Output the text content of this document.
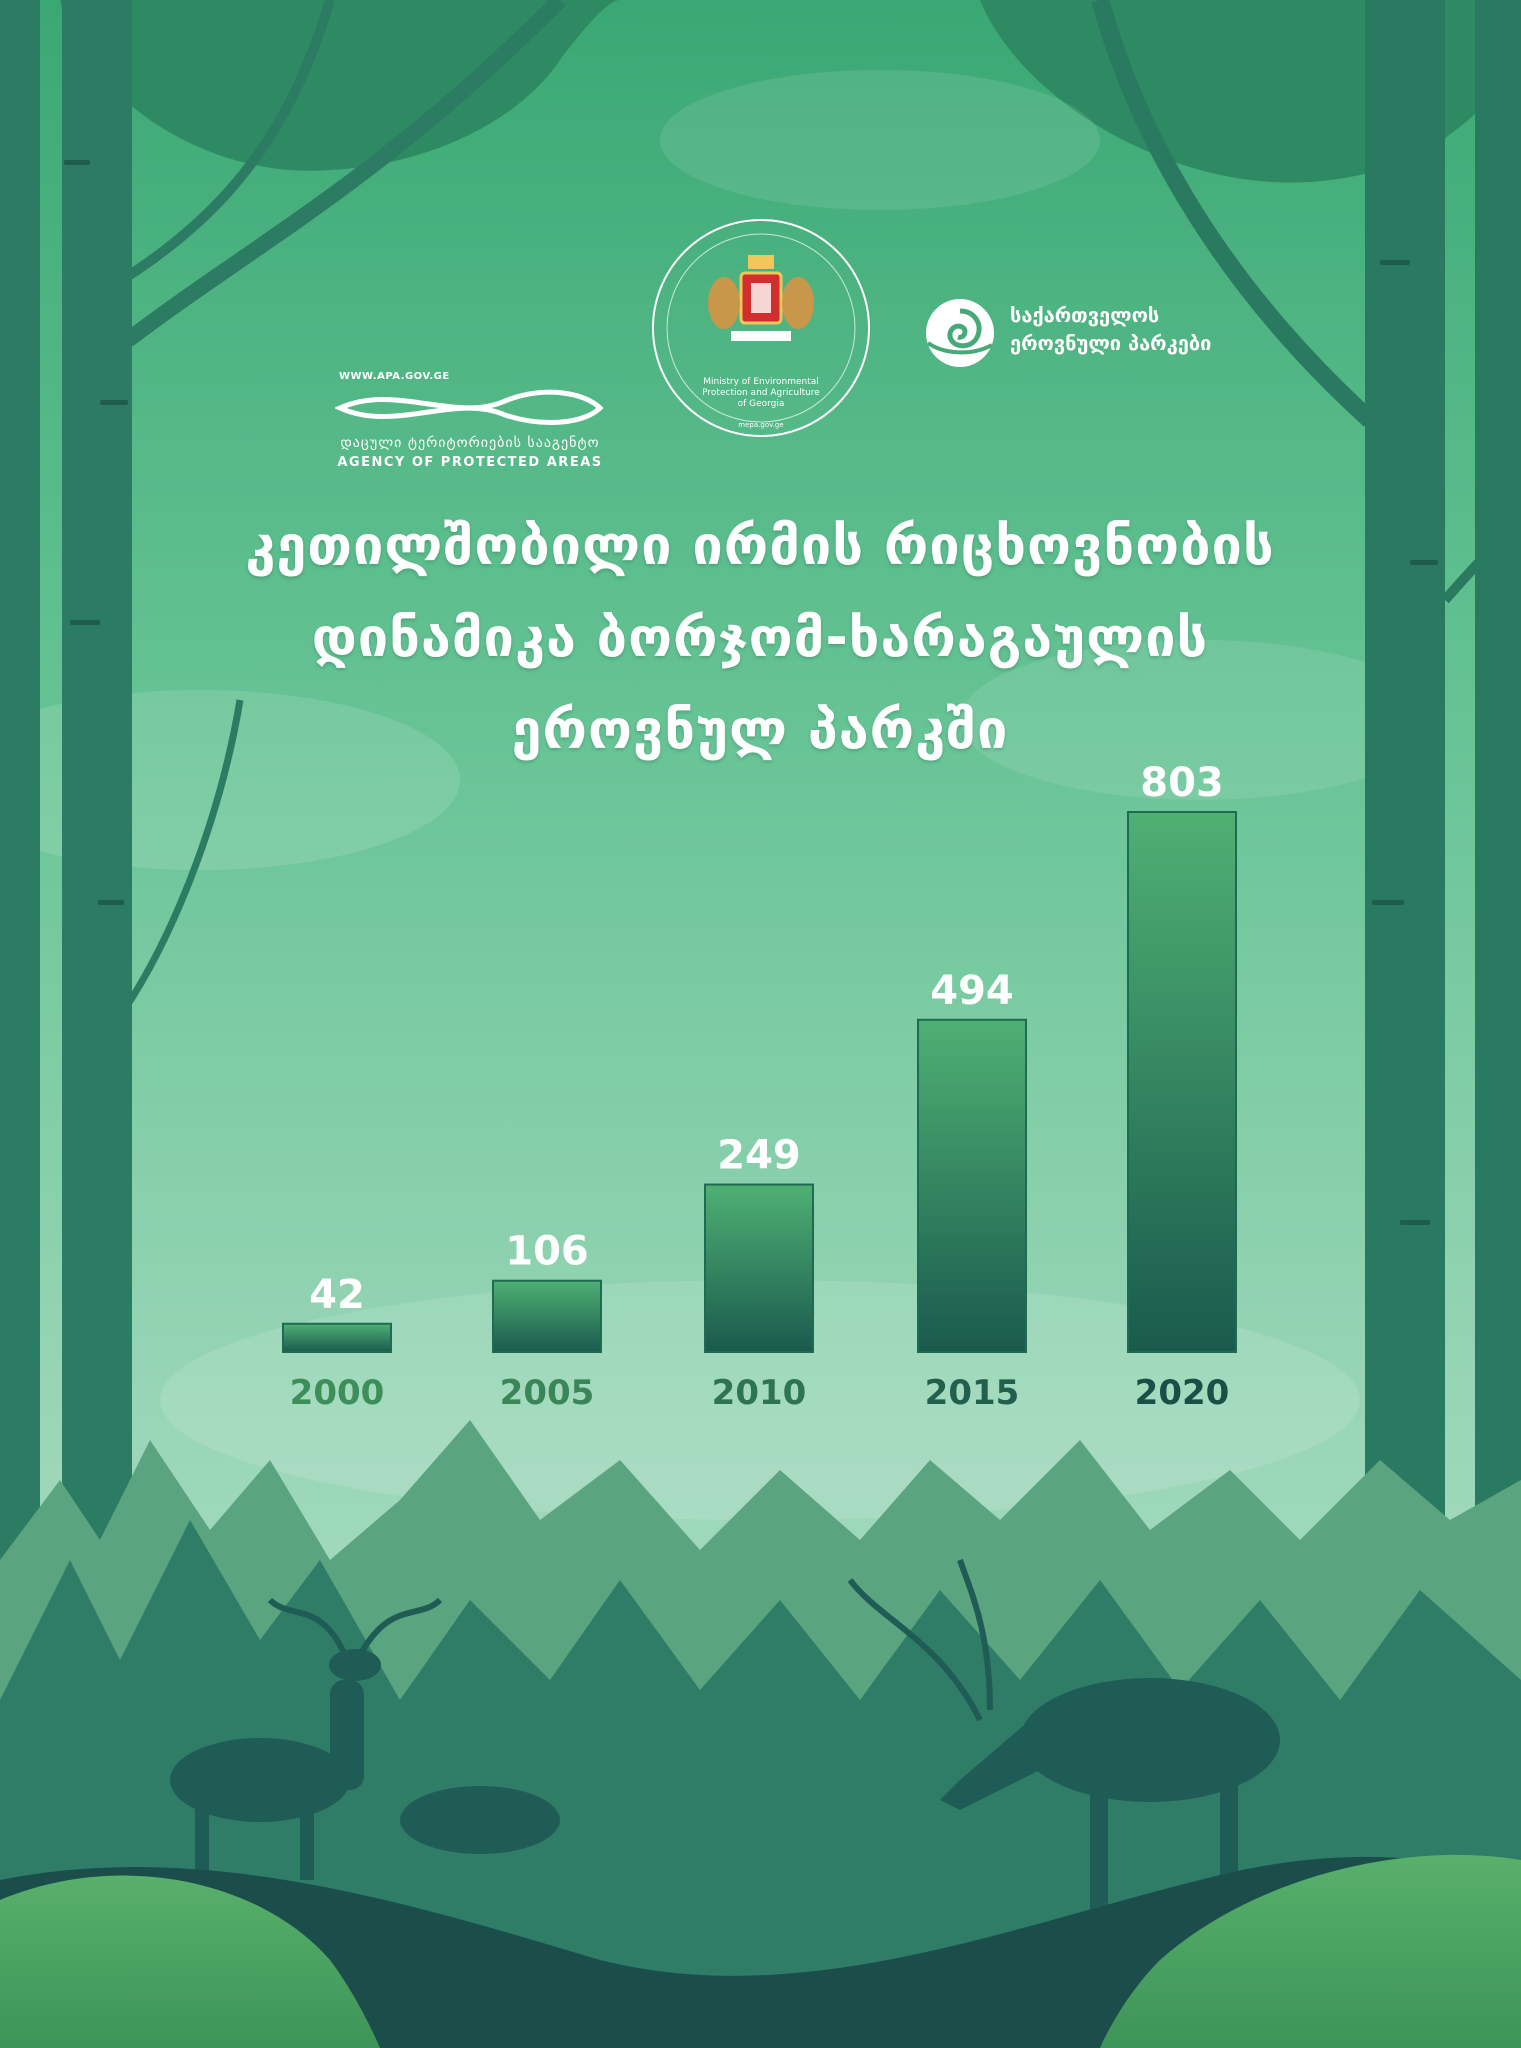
WWW.APA.GOV.GE
დაცული ტერიტორიების სააგენტო
AGENCY OF PROTECTED AREAS
Ministry of Environmental
Protection and Agriculture
of Georgia
mepa.gov.ge
საქართველოს
ეროვნული პარკები
კეთილშობილი ირმის რიცხოვნობის
დინამიკა ბორჯომ-ხარაგაულის
ეროვნულ პარკში
42
2000
106
2005
249
2010
494
2015
803
2020
